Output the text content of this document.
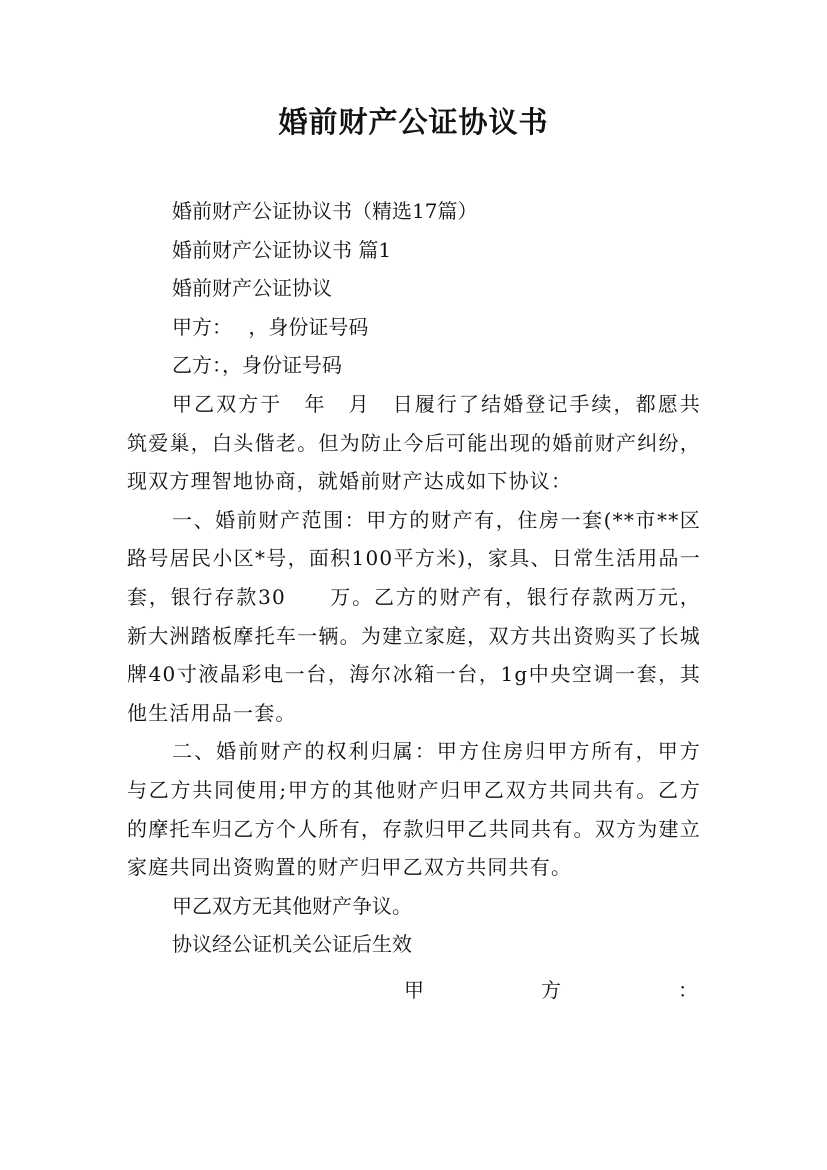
婚前财产公证协议书
婚前财产公证协议书（精选17篇）
婚前财产公证协议书 篇1
婚前财产公证协议
甲方：　 ，身份证号码
乙方：，身份证号码
甲乙双方于　年　月　日履行了结婚登记手续，都愿共筑爱巢，白头偕老。但为防止今后可能出现的婚前财产纠纷，现双方理智地协商，就婚前财产达成如下协议：
一、婚前财产范围：甲方的财产有，住房一套(**市**区路号居民小区*号，面积100平方米)，家具、日常生活用品一套，银行存款30　　万。乙方的财产有，银行存款两万元，新大洲踏板摩托车一辆。为建立家庭，双方共出资购买了长城牌40寸液晶彩电一台，海尔冰箱一台，1g中央空调一套，其　　他生活用品一套。
二、婚前财产的权利归属：甲方住房归甲方所有，甲方与乙方共同使用;甲方的其他财产归甲乙双方共同共有。乙方的摩托车归乙方个人所有，存款归甲乙共同共有。双方为建立家庭共同出资购置的财产归甲乙双方共同共有。
甲乙双方无其他财产争议。
协议经公证机关公证后生效
甲	方	：
